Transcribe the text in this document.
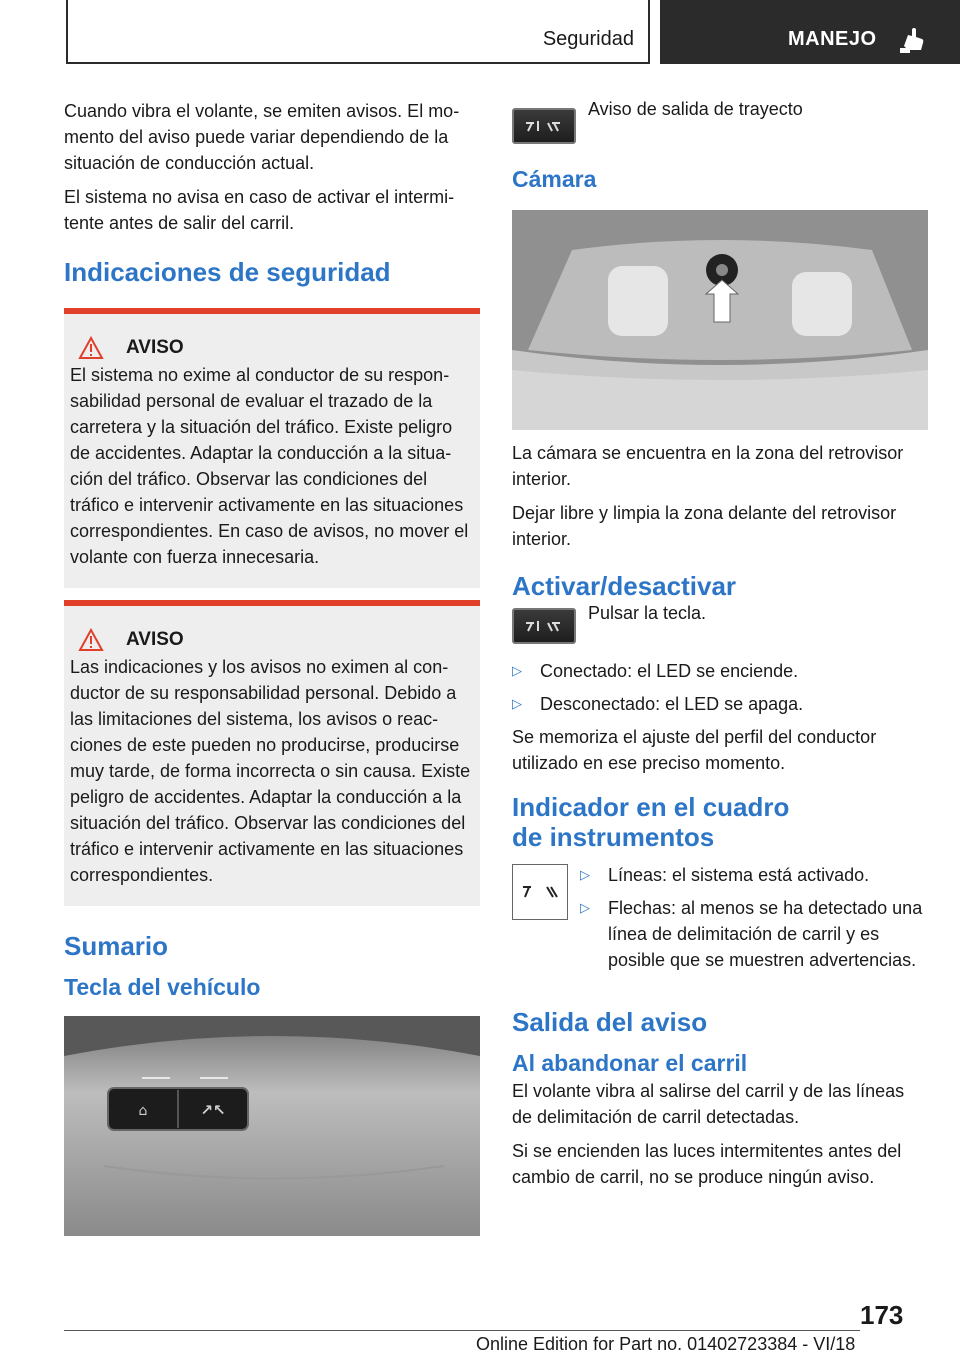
Seguridad	MANEJO

Cuando vibra el volante, se emiten avisos. El momento del aviso puede variar dependiendo de la situación de conducción actual.

El sistema no avisa en caso de activar el intermitente antes de salir del carril.

Indicaciones de seguridad
AVISO

El sistema no exime al conductor de su responsabilidad personal de evaluar el trazado de la carretera y la situación del tráfico. Existe peligro de accidentes. Adaptar la conducción a la situación del tráfico. Observar las condiciones del tráfico e intervenir activamente en las situaciones correspondientes. En caso de avisos, no mover el volante con fuerza innecesaria.

AVISO

Las indicaciones y los avisos no eximen al conductor de su responsabilidad personal. Debido a las limitaciones del sistema, los avisos o reacciones de este pueden no producirse, producirse muy tarde, de forma incorrecta o sin causa. Existe peligro de accidentes. Adaptar la conducción a la situación del tráfico. Observar las condiciones del tráfico e intervenir activamente en las situaciones correspondientes.

Sumario
Tecla del vehículo
⌂	↗↖
Aviso de salida de trayecto
Cámara

La cámara se encuentra en la zona del retrovisor interior.

Dejar libre y limpia la zona delante del retrovisor interior.

Activar/desactivar
Pulsar la tecla.
▷	Conectado: el LED se enciende.
▷	Desconectado: el LED se apaga.

Se memoriza el ajuste del perfil del conductor utilizado en ese preciso momento.

Indicador en el cuadro de instrumentos
▷	Líneas: el sistema está activado.
▷	Flechas: al menos se ha detectado una línea de delimitación de carril y es posible que se muestren advertencias.
Salida del aviso
Al abandonar el carril

El volante vibra al salirse del carril y de las líneas de delimitación de carril detectadas.

Si se encienden las luces intermitentes antes del cambio de carril, no se produce ningún aviso.

173
Online Edition for Part no. 01402723384 - VI/18
